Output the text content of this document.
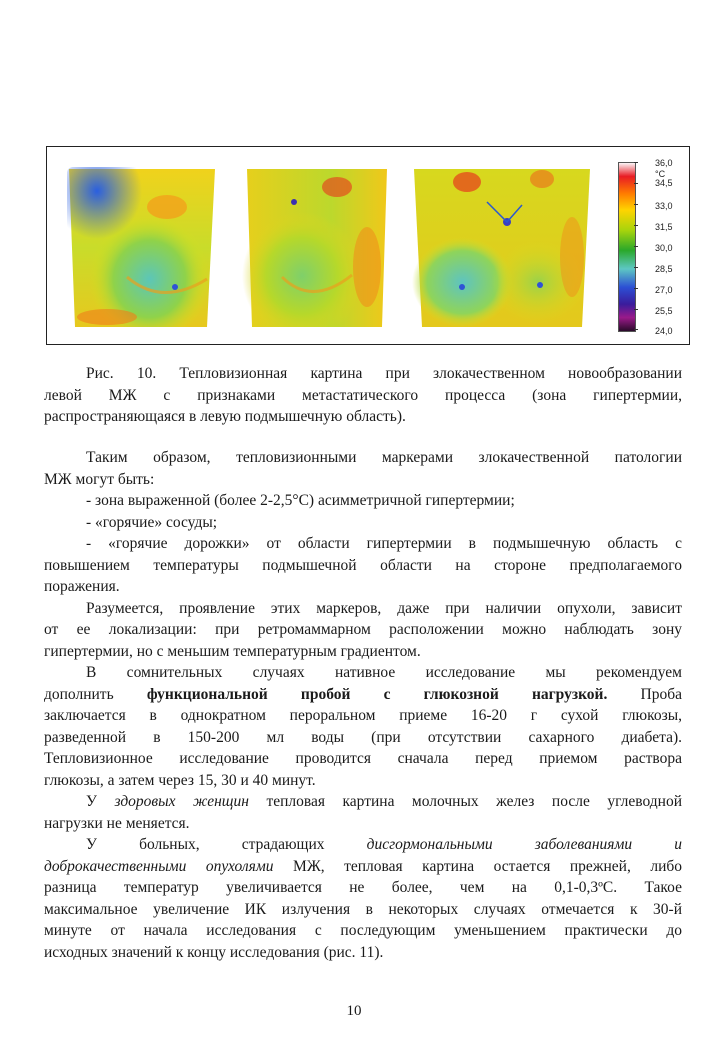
36,0
°C
34,5
33,0
31,5
30,0
28,5
27,0
25,5
24,0
Рис. 10. Тепловизионная картина при злокачественном новообразовании
левой МЖ с признаками метастатического процесса (зона гипертермии,
распространяющаяся в левую подмышечную область).
Таким образом, тепловизионными маркерами злокачественной патологии
МЖ могут быть:
- зона выраженной (более 2-2,5°С) асимметричной гипертермии;
- «горячие» сосуды;
- «горячие дорожки» от области гипертермии в подмышечную область с
повышением температуры подмышечной области на стороне предполагаемого
поражения.
Разумеется, проявление этих маркеров, даже при наличии опухоли, зависит
от ее локализации: при ретромаммарном расположении можно наблюдать зону
гипертермии, но с меньшим температурным градиентом.
В сомнительных случаях нативное исследование мы рекомендуем
дополнить функциональной пробой с глюкозной нагрузкой. Проба
заключается в однократном пероральном приеме 16-20 г сухой глюкозы,
разведенной в 150-200 мл воды (при отсутствии сахарного диабета).
Тепловизионное исследование проводится сначала перед приемом раствора
глюкозы, а затем через 15, 30 и 40 минут.
У здоровых женщин тепловая картина молочных желез после углеводной
нагрузки не меняется.
У больных, страдающих	дисгормональными заболеваниями и
доброкачественными опухолями МЖ, тепловая картина остается прежней, либо
разница температур увеличивается не более, чем на 0,1-0,3ºС. Такое
максимальное увеличение ИК излучения в некоторых случаях отмечается к 30-й
минуте от начала исследования с последующим уменьшением практически до
исходных значений к концу исследования (рис. 11).
10
